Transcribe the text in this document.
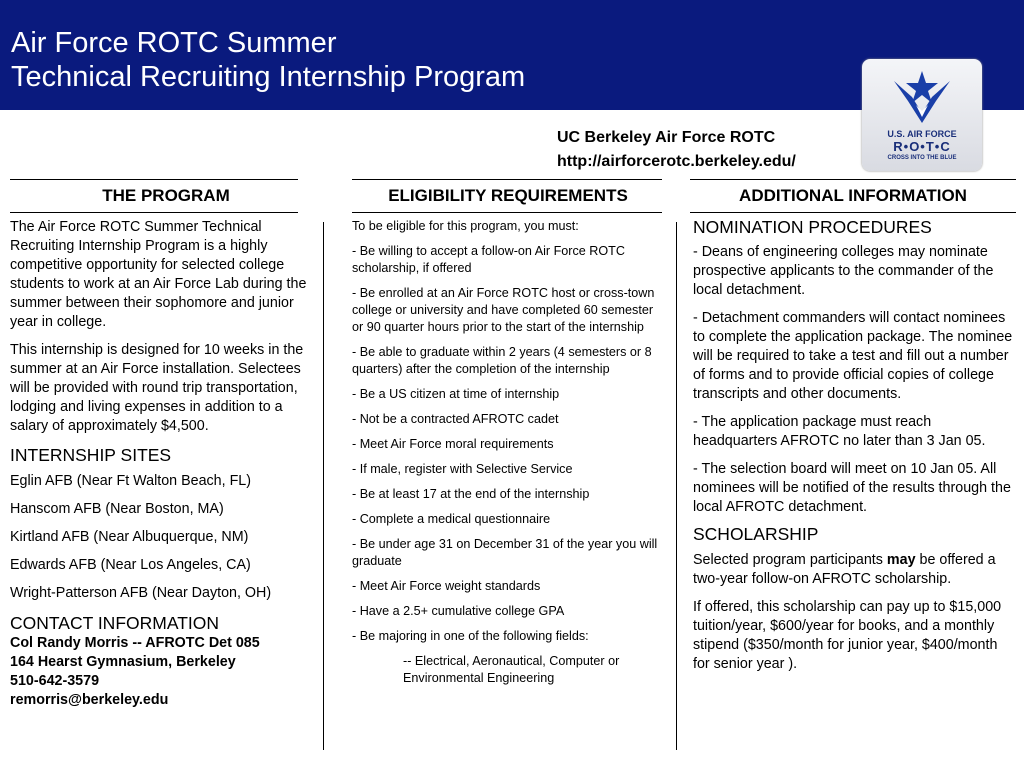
Air Force ROTC Summer
Technical Recruiting Internship Program
U.S. AIR FORCE
R•O•T•C
CROSS INTO THE BLUE
UC Berkeley Air Force ROTC
http://airforcerotc.berkeley.edu/
THE PROGRAM	ELIGIBILITY REQUIREMENTS	ADDITIONAL INFORMATION

The Air Force ROTC Summer Technical Recruiting Internship Program is a highly competitive opportunity for selected college students to work at an Air Force Lab during the summer between their sophomore and junior year in college.

This internship is designed for 10 weeks in the summer at an Air Force installation. Selectees will be provided with round trip transportation, lodging and living expenses in addition to a salary of approximately $4,500.

INTERNSHIP SITES

Eglin AFB (Near Ft Walton Beach, FL)

Hanscom AFB (Near Boston, MA)

Kirtland AFB (Near Albuquerque, NM)

Edwards AFB (Near Los Angeles, CA)

Wright-Patterson AFB (Near Dayton, OH)

CONTACT INFORMATION

Col Randy Morris -- AFROTC Det 085

164 Hearst Gymnasium, Berkeley

510-642-3579

remorris@berkeley.edu

To be eligible for this program, you must:

- Be willing to accept a follow-on Air Force ROTC scholarship, if offered

- Be enrolled at an Air Force ROTC host or cross-town college or university and have completed 60 semester or 90 quarter hours prior to the start of the internship

- Be able to graduate within 2 years (4 semesters or 8 quarters) after the completion of the internship

- Be a US citizen at time of internship

- Not be a contracted AFROTC cadet

- Meet Air Force moral requirements

- If male, register with Selective Service

- Be at least 17 at the end of the internship

- Complete a medical questionnaire

- Be under age 31 on December 31 of the year you will graduate

- Meet Air Force weight standards

- Have a 2.5+ cumulative college GPA

- Be majoring in one of the following fields:

-- Electrical, Aeronautical, Computer or Environmental Engineering

NOMINATION PROCEDURES

- Deans of engineering colleges may nominate prospective applicants to the commander of the local detachment.

- Detachment commanders will contact nominees to complete the application package. The nominee will be required to take a test and fill out a number of forms and to provide official copies of college transcripts and other documents.

- The application package must reach headquarters AFROTC no later than 3 Jan 05.

- The selection board will meet on 10 Jan 05. All nominees will be notified of the results through the local AFROTC detachment.

SCHOLARSHIP

Selected program participants may be offered a two-year follow-on AFROTC scholarship.

If offered, this scholarship can pay up to $15,000 tuition/year, $600/year for books, and a monthly stipend ($350/month for junior year, $400/month for senior year ).
